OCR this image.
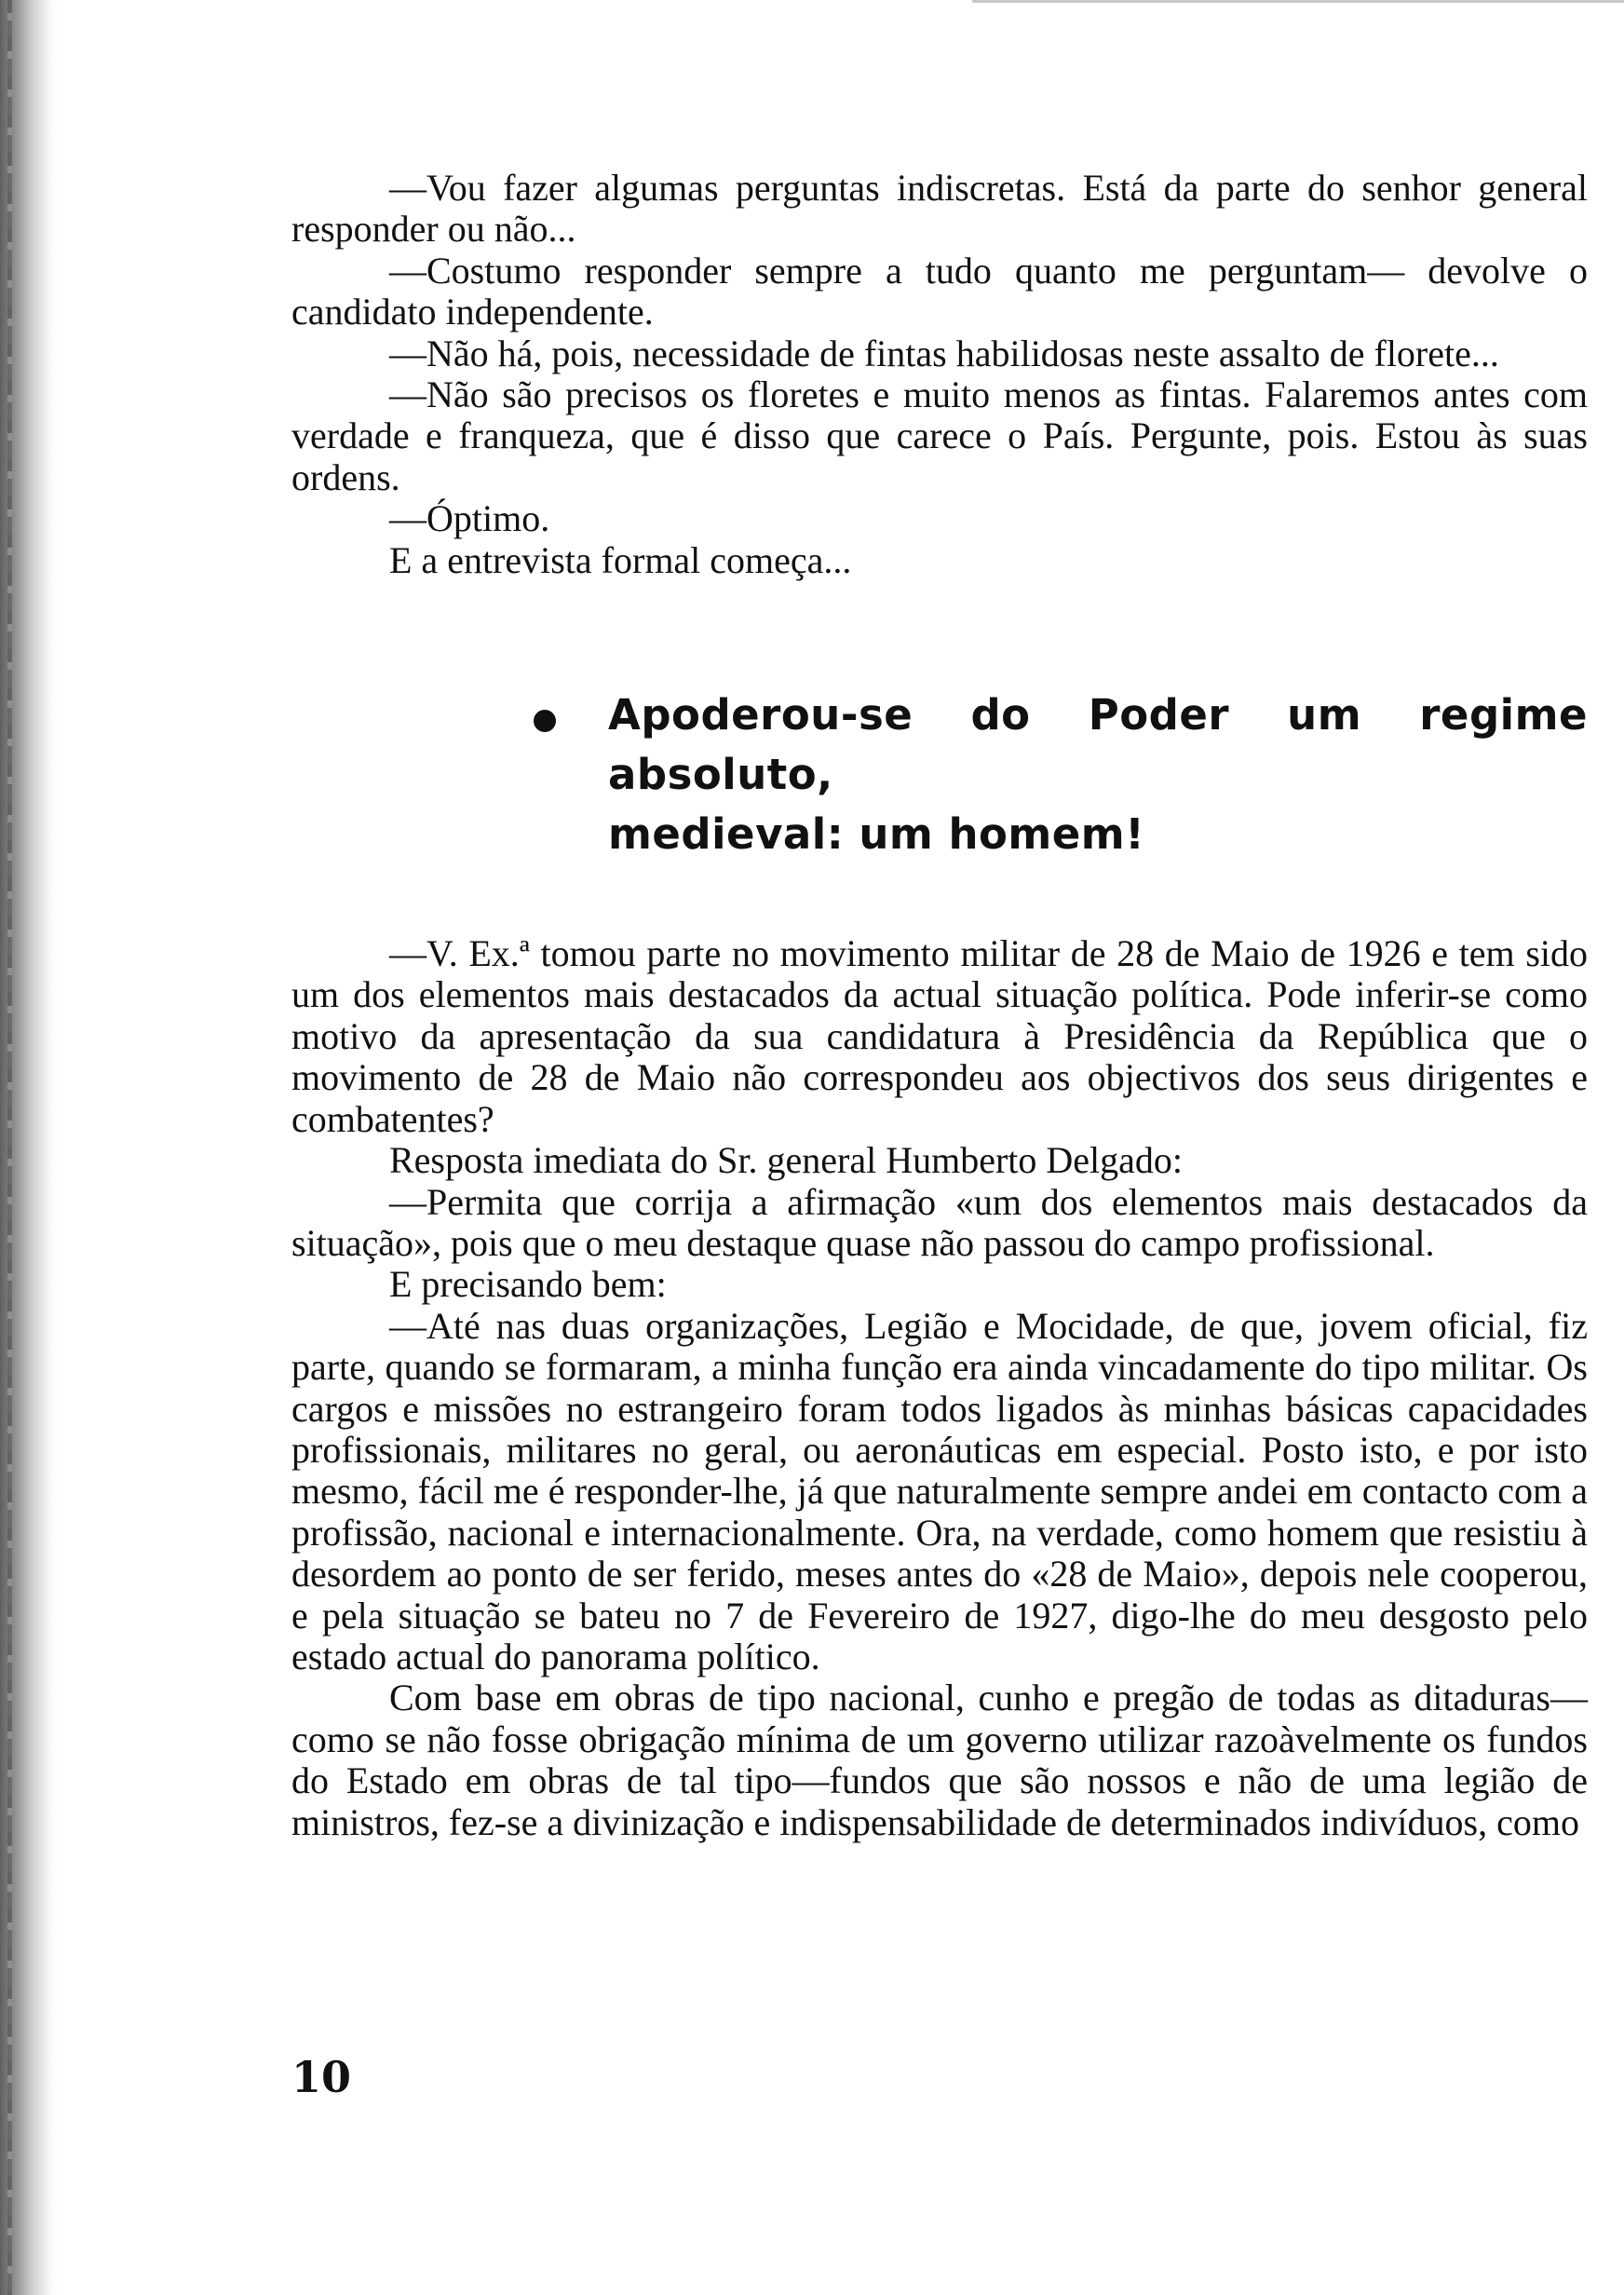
—Vou fazer algumas perguntas indiscretas. Está da parte do senhor general responder ou não...

—Costumo responder sempre a tudo quanto me perguntam— devolve o candidato independente.

—Não há, pois, necessidade de fintas habilidosas neste assalto de florete...

—Não são precisos os floretes e muito menos as fintas. Falaremos antes com verdade e franqueza, que é disso que carece o País. Pergunte, pois. Estou às suas ordens.

—Óptimo.

E a entrevista formal começa...

Apoderou-se do Poder um regime absoluto,
medieval: um homem!

—V. Ex.ª tomou parte no movimento militar de 28 de Maio de 1926 e tem sido um dos elementos mais destacados da actual situação política. Pode inferir-se como motivo da apresentação da sua candidatura à Presidência da República que o movimento de 28 de Maio não correspondeu aos objectivos dos seus dirigentes e combatentes?

Resposta imediata do Sr. general Humberto Delgado:

—Permita que corrija a afirmação «um dos elementos mais destacados da situação», pois que o meu destaque quase não passou do campo profissional.

E precisando bem:

—Até nas duas organizações, Legião e Mocidade, de que, jovem oficial, fiz parte, quando se formaram, a minha função era ainda vincadamente do tipo militar. Os cargos e missões no estrangeiro foram todos ligados às minhas básicas capacidades profissionais, militares no geral, ou aeronáuticas em especial. Posto isto, e por isto mesmo, fácil me é responder-lhe, já que naturalmente sempre andei em contacto com a profissão, nacional e internacionalmente. Ora, na verdade, como homem que resistiu à desordem ao ponto de ser ferido, meses antes do «28 de Maio», depois nele cooperou, e pela situação se bateu no 7 de Fevereiro de 1927, digo-lhe do meu desgosto pelo estado actual do panorama político.

Com base em obras de tipo nacional, cunho e pregão de todas as ditaduras—como se não fosse obrigação mínima de um governo utilizar razoàvelmente os fundos do Estado em obras de tal tipo—fundos que são nossos e não de uma legião de ministros, fez-se a divinização e indispensabilidade de determinados indivíduos, como

10
